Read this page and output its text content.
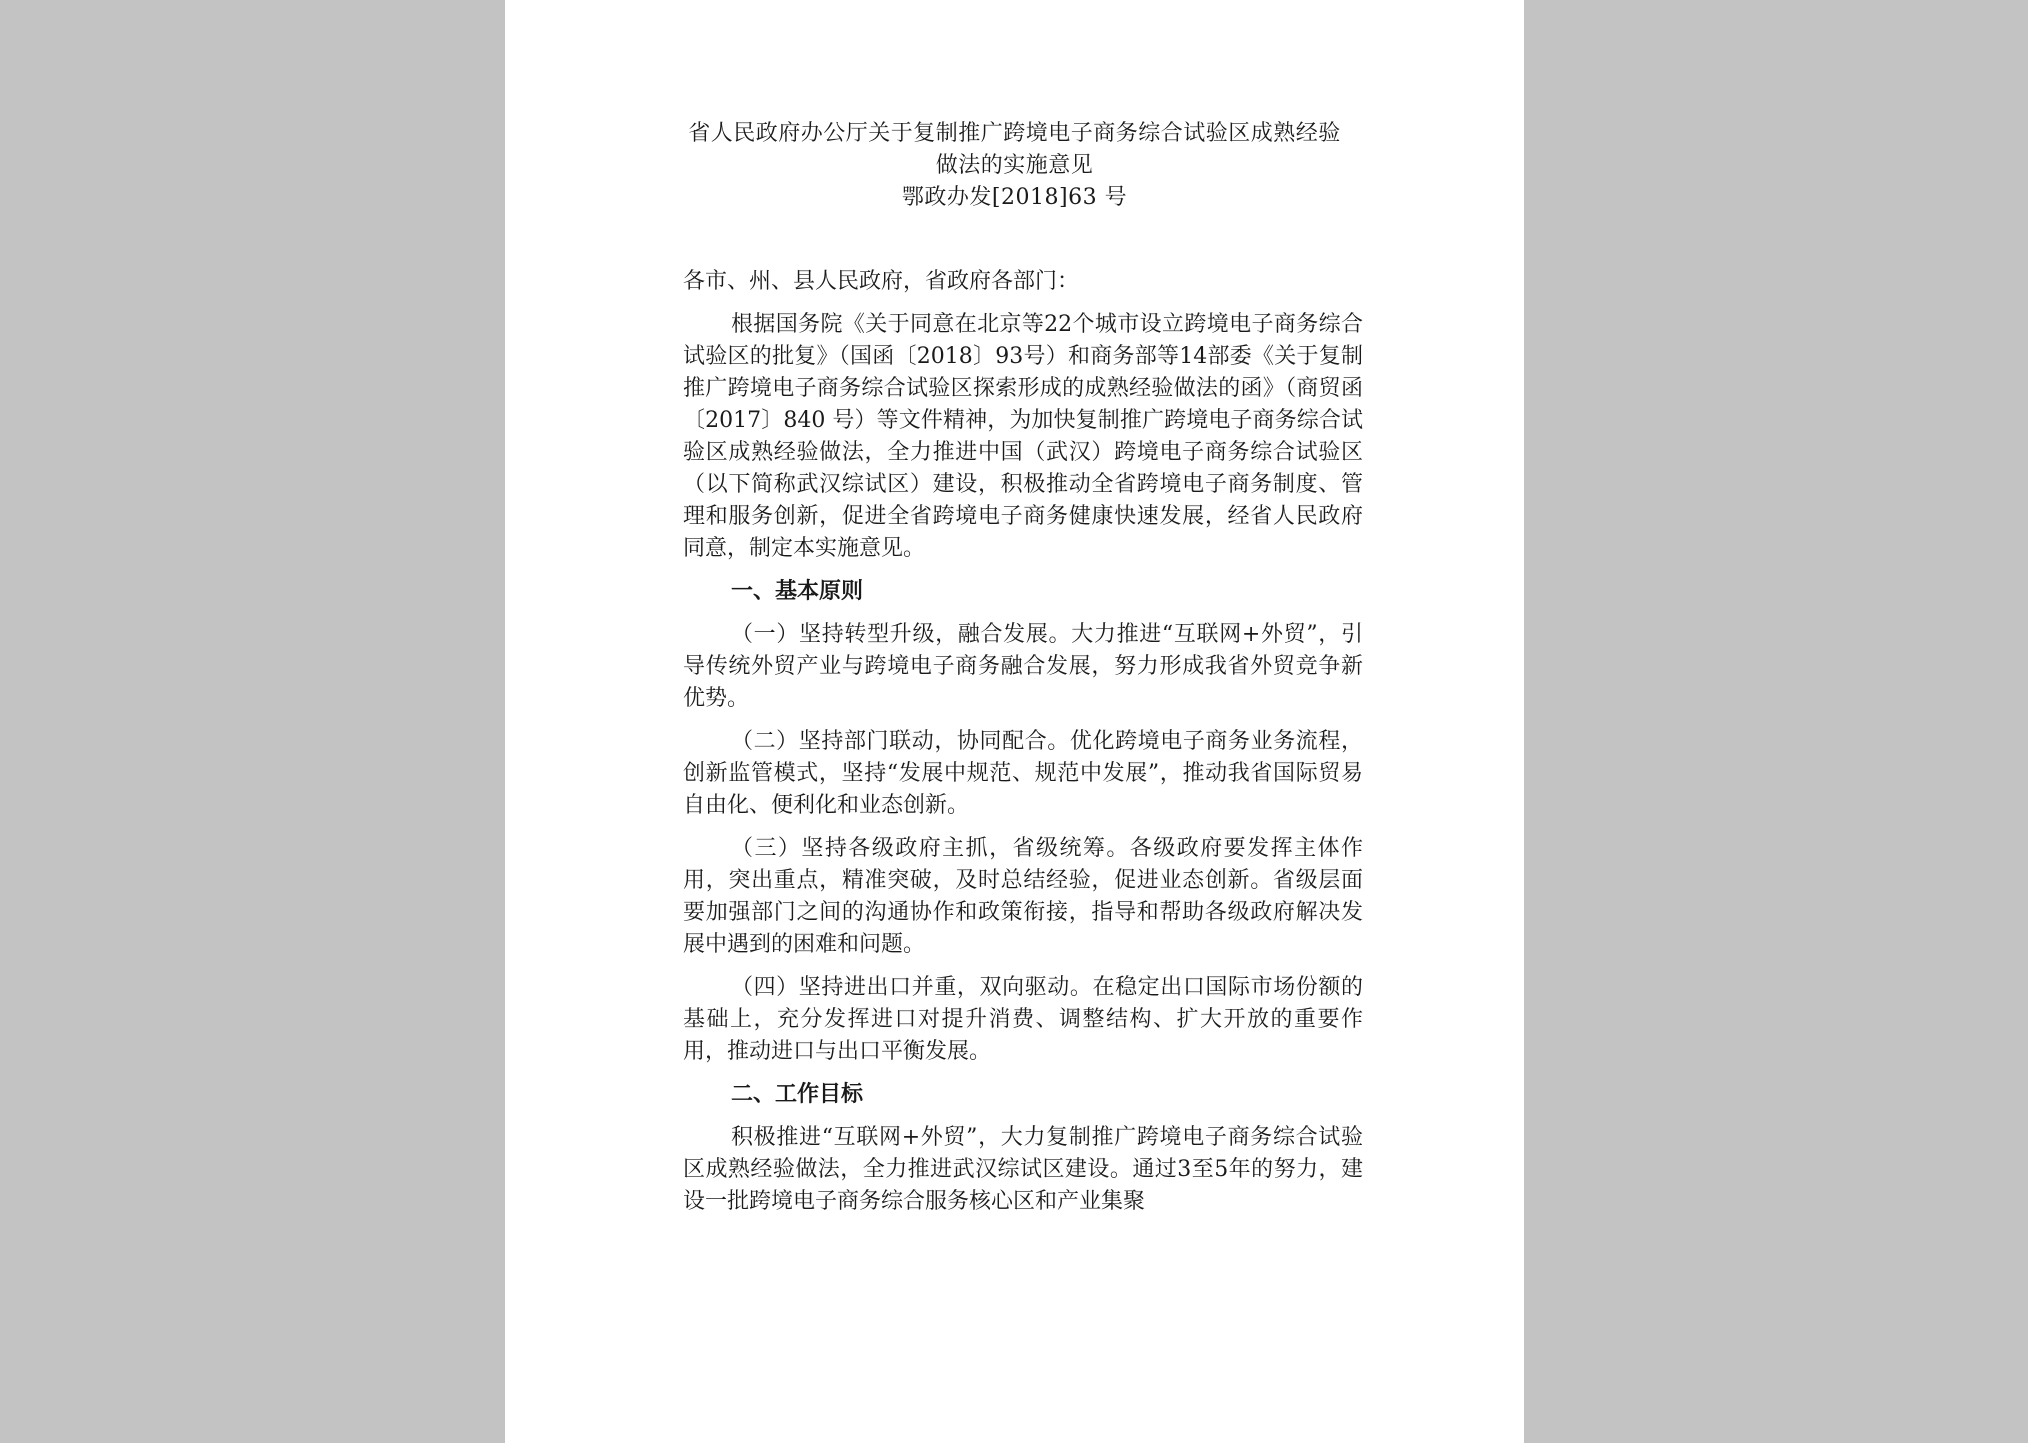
省人民政府办公厅关于复制推广跨境电子商务综合试验区成熟经验
做法的实施意见
鄂政办发[2018]63 号

各市、州、县人民政府，省政府各部门：

根据国务院《关于同意在北京等22个城市设立跨境电子商务综合试验区的批复》（国函〔2018〕93号）和商务部等14部委《关于复制推广跨境电子商务综合试验区探索形成的成熟经验做法的函》（商贸函〔2017〕840 号）等文件精神，为加快复制推广跨境电子商务综合试验区成熟经验做法，全力推进中国（武汉）跨境电子商务综合试验区（以下简称武汉综试区）建设，积极推动全省跨境电子商务制度、管理和服务创新，促进全省跨境电子商务健康快速发展，经省人民政府同意，制定本实施意见。

一、基本原则

（一）坚持转型升级，融合发展。大力推进“互联网+外贸”，引导传统外贸产业与跨境电子商务融合发展，努力形成我省外贸竞争新优势。

（二）坚持部门联动，协同配合。优化跨境电子商务业务流程，创新监管模式，坚持“发展中规范、规范中发展”，推动我省国际贸易自由化、便利化和业态创新。

（三）坚持各级政府主抓，省级统筹。各级政府要发挥主体作用，突出重点，精准突破，及时总结经验，促进业态创新。省级层面要加强部门之间的沟通协作和政策衔接，指导和帮助各级政府解决发展中遇到的困难和问题。

（四）坚持进出口并重，双向驱动。在稳定出口国际市场份额的基础上，充分发挥进口对提升消费、调整结构、扩大开放的重要作用，推动进口与出口平衡发展。

二、工作目标

积极推进“互联网+外贸”，大力复制推广跨境电子商务综合试验区成熟经验做法，全力推进武汉综试区建设。通过3至5年的努力，建设一批跨境电子商务综合服务核心区和产业集聚
